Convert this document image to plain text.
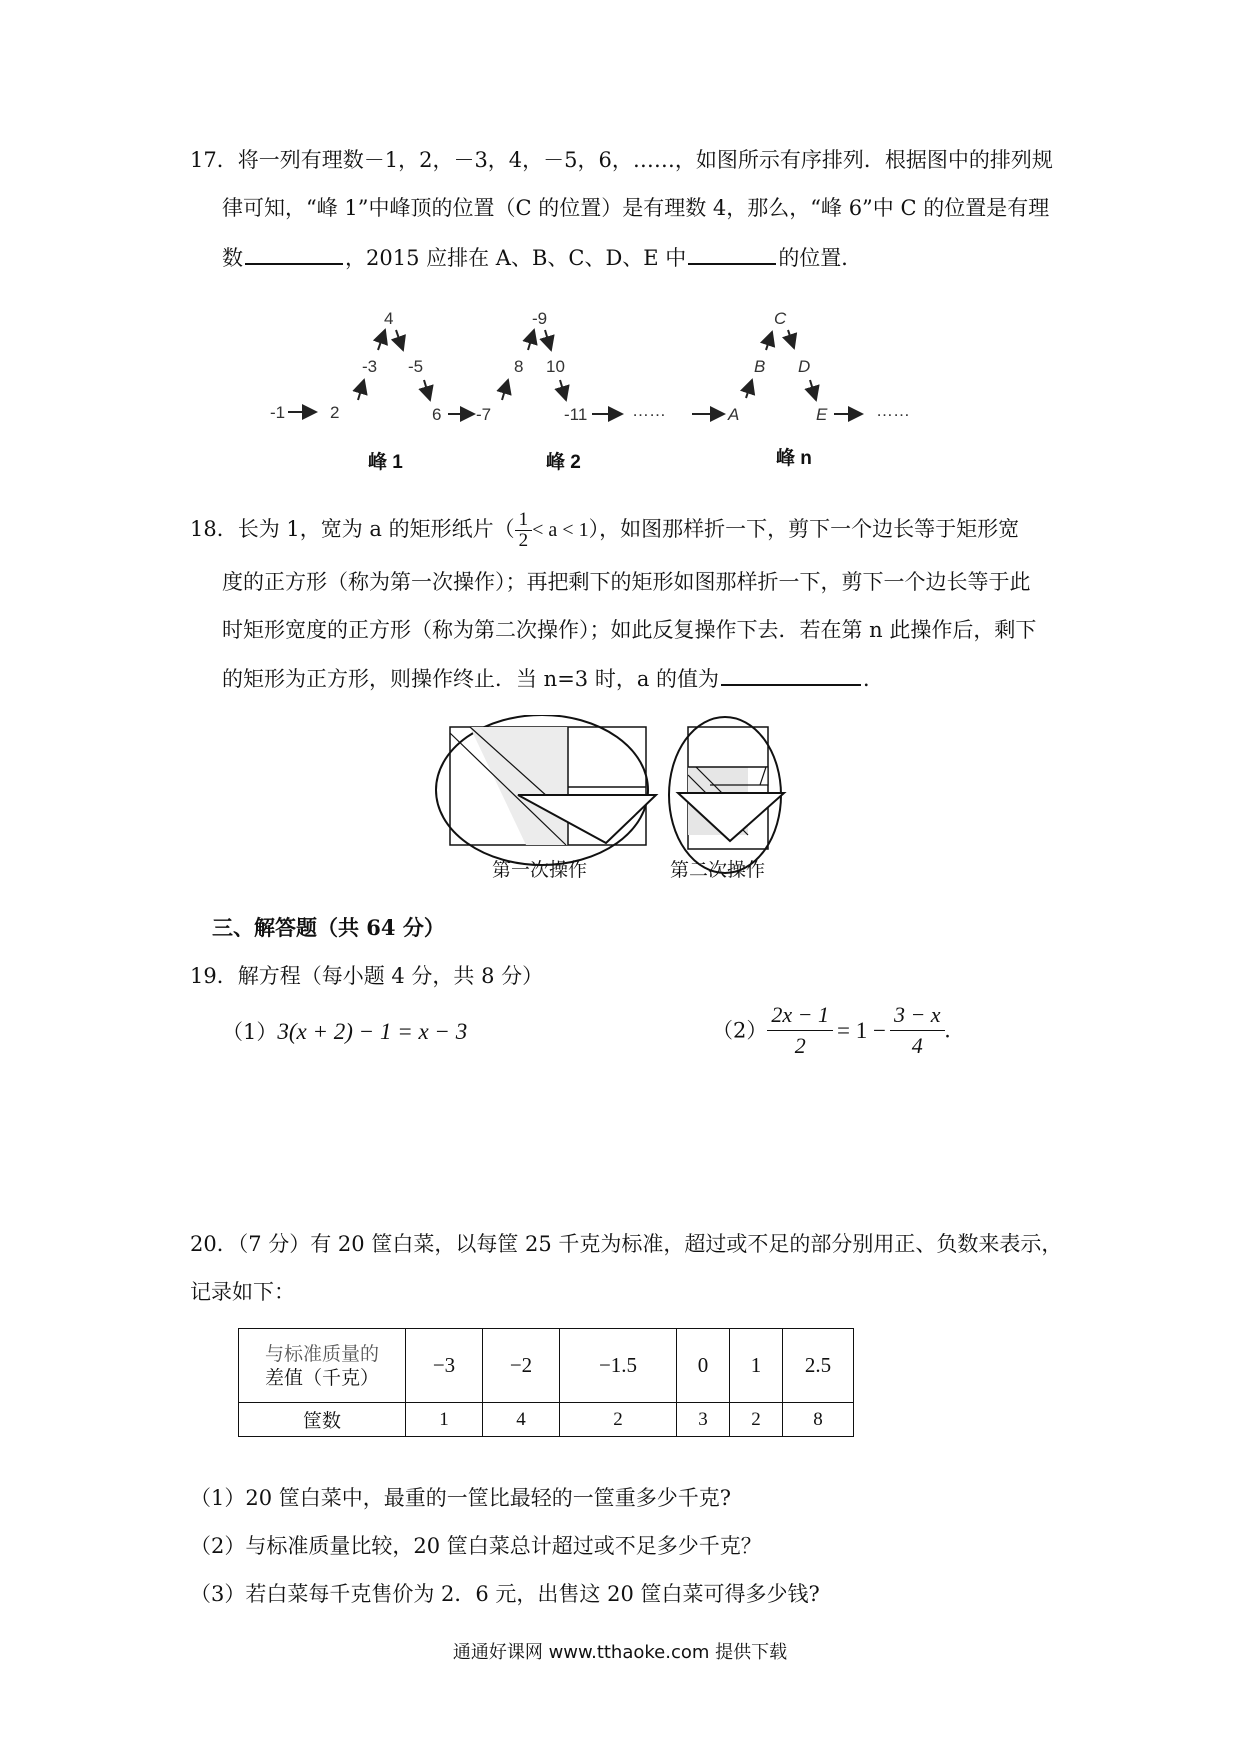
17．将一列有理数－1，2，－3，4，－5，6，……，如图所示有序排列．根据图中的排列规
律可知，“峰 1”中峰顶的位置（C 的位置）是有理数 4，那么，“峰 6”中 C 的位置是有理
数	，2015 应排在 A、B、C、D、E 中	的位置．
-1	2
-3
4
-5
6 -7
8
-9
10
-11	……	A
B
C
D
E	……
峰 1	峰 2	峰 n
18．长为 1，宽为 a 的矩形纸片（ $\frac{1}{2} < a < 1$），如图那样折一下，剪下一个边长等于矩形宽
度的正方形（称为第一次操作）；再把剩下的矩形如图那样折一下，剪下一个边长等于此
时矩形宽度的正方形（称为第二次操作）；如此反复操作下去．若在第 n 此操作后，剩下
的矩形为正方形，则操作终止．当 n=3 时，a 的值为	．
第一次操作	第二次操作
三、解答题（共 64 分）
19．解方程（每小题 4 分，共 8 分）
（1）3(x + 2) − 1 = x − 3	$(2) \frac{2x - 1}{2} = 1 - \frac{3 - x}{4}$ .
20．（7 分）有 20 筐白菜，以每筐 25 千克为标准，超过或不足的部分别用正、负数来表示，
记录如下：
与标准质量的
差值（千克）	−3	−2	−1.5	0	1	2.5
筐数	1	4	2	3	2	8
（1）20 筐白菜中，最重的一筐比最轻的一筐重多少千克?
（2）与标准质量比较，20 筐白菜总计超过或不足多少千克？
（3）若白菜每千克售价为 2．6 元，出售这 20 筐白菜可得多少钱?
通通好课网 www.tthaoke.com 提供下载
